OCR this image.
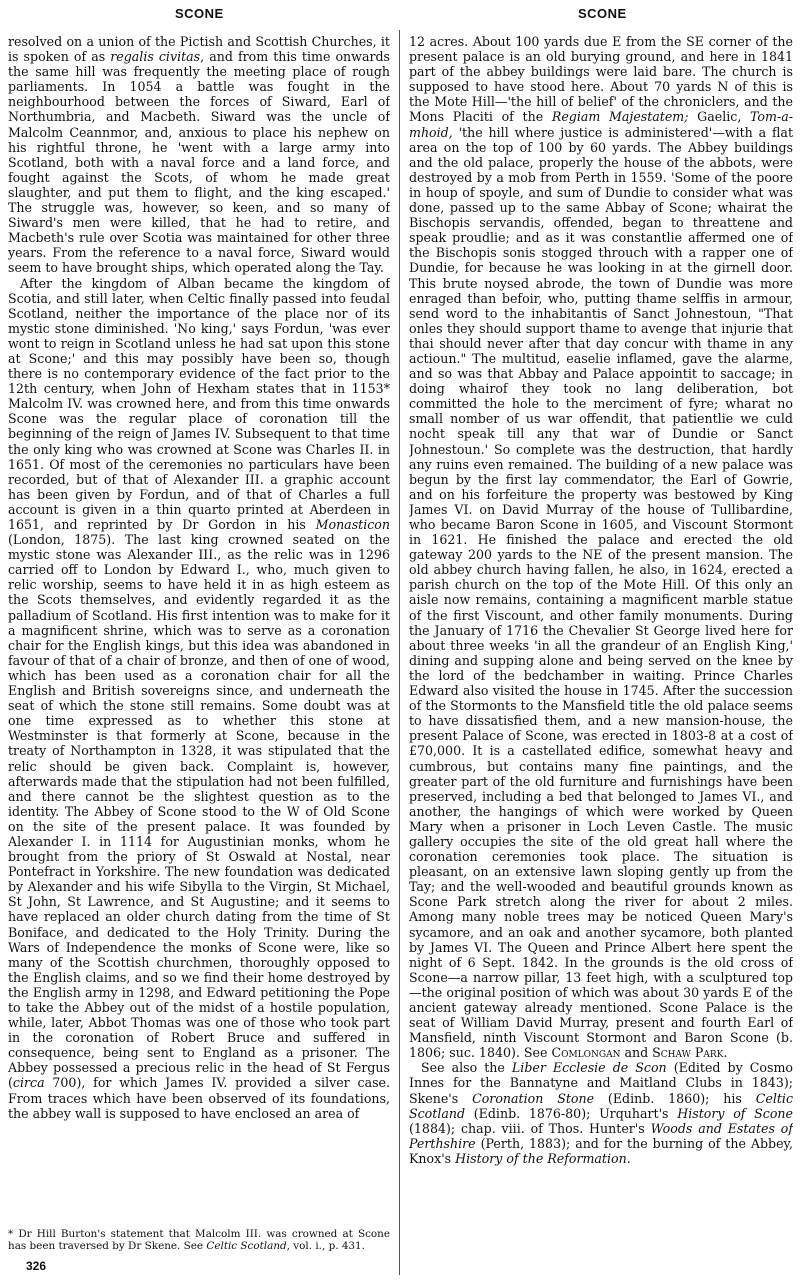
SCONE	SCONE

resolved on a union of the Pictish and Scottish Churches, it is spoken of as regalis civitas, and from this time onwards the same hill was frequently the meeting place of rough parliaments. In 1054 a battle was fought in the neighbourhood between the forces of Siward, Earl of Northumbria, and Macbeth. Siward was the uncle of Malcolm Ceannmor, and, anxious to place his nephew on his rightful throne, he 'went with a large army into Scotland, both with a naval force and a land force, and fought against the Scots, of whom he made great slaughter, and put them to flight, and the king escaped.' The struggle was, however, so keen, and so many of Siward's men were killed, that he had to retire, and Macbeth's rule over Scotia was maintained for other three years. From the reference to a naval force, Siward would seem to have brought ships, which operated along the Tay.

After the kingdom of Alban became the kingdom of Scotia, and still later, when Celtic finally passed into feudal Scotland, neither the importance of the place nor of its mystic stone diminished. 'No king,' says Fordun, 'was ever wont to reign in Scotland unless he had sat upon this stone at Scone;' and this may possibly have been so, though there is no contemporary evidence of the fact prior to the 12th century, when John of Hexham states that in 1153* Malcolm IV. was crowned here, and from this time onwards Scone was the regular place of coronation till the beginning of the reign of James IV. Subsequent to that time the only king who was crowned at Scone was Charles II. in 1651. Of most of the ceremonies no particulars have been recorded, but of that of Alexander III. a graphic account has been given by Fordun, and of that of Charles a full account is given in a thin quarto printed at Aberdeen in 1651, and reprinted by Dr Gordon in his Monasticon (London, 1875). The last king crowned seated on the mystic stone was Alexander III., as the relic was in 1296 carried off to London by Edward I., who, much given to relic worship, seems to have held it in as high esteem as the Scots themselves, and evidently regarded it as the palladium of Scotland. His first intention was to make for it a magnificent shrine, which was to serve as a coronation chair for the English kings, but this idea was abandoned in favour of that of a chair of bronze, and then of one of wood, which has been used as a coronation chair for all the English and British sovereigns since, and underneath the seat of which the stone still remains. Some doubt was at one time expressed as to whether this stone at Westminster is that formerly at Scone, because in the treaty of Northampton in 1328, it was stipulated that the relic should be given back. Complaint is, however, afterwards made that the stipulation had not been fulfilled, and there cannot be the slightest question as to the identity. The Abbey of Scone stood to the W of Old Scone on the site of the present palace. It was founded by Alexander I. in 1114 for Augustinian monks, whom he brought from the priory of St Oswald at Nostal, near Pontefract in Yorkshire. The new foundation was dedicated by Alexander and his wife Sibylla to the Virgin, St Michael, St John, St Lawrence, and St Augustine; and it seems to have replaced an older church dating from the time of St Boniface, and dedicated to the Holy Trinity. During the Wars of Independence the monks of Scone were, like so many of the Scottish churchmen, thoroughly opposed to the English claims, and so we find their home destroyed by the English army in 1298, and Edward petitioning the Pope to take the Abbey out of the midst of a hostile population, while, later, Abbot Thomas was one of those who took part in the coronation of Robert Bruce and suffered in consequence, being sent to England as a prisoner. The Abbey possessed a precious relic in the head of St Fergus (circa 700), for which James IV. provided a silver case. From traces which have been observed of its foundations, the abbey wall is supposed to have enclosed an area of

* Dr Hill Burton's statement that Malcolm III. was crowned at Scone has been traversed by Dr Skene. See Celtic Scotland, vol. i., p. 431.
326

12 acres. About 100 yards due E from the SE corner of the present palace is an old burying ground, and here in 1841 part of the abbey buildings were laid bare. The church is supposed to have stood here. About 70 yards N of this is the Mote Hill—'the hill of belief' of the chroniclers, and the Mons Placiti of the Regiam Majestatem; Gaelic, Tom-a-mhoid, 'the hill where justice is administered'—with a flat area on the top of 100 by 60 yards. The Abbey buildings and the old palace, properly the house of the abbots, were destroyed by a mob from Perth in 1559. 'Some of the poore in houp of spoyle, and sum of Dundie to consider what was done, passed up to the same Abbay of Scone; whairat the Bischopis servandis, offended, began to threattene and speak proudlie; and as it was constantlie affermed one of the Bischopis sonis stogged throuch with a rapper one of Dundie, for because he was looking in at the girnell door. This brute noysed abrode, the town of Dundie was more enraged than befoir, who, putting thame selffis in armour, send word to the inhabitantis of Sanct Johnestoun, "That onles they should support thame to avenge that injurie that thai should never after that day concur with thame in any actioun." The multitud, easelie inflamed, gave the alarme, and so was that Abbay and Palace appointit to saccage; in doing whairof they took no lang deliberation, bot committed the hole to the merciment of fyre; wharat no small nomber of us war offendit, that patientlie we culd nocht speak till any that war of Dundie or Sanct Johnestoun.' So complete was the destruction, that hardly any ruins even remained. The building of a new palace was begun by the first lay commendator, the Earl of Gowrie, and on his forfeiture the property was bestowed by King James VI. on David Murray of the house of Tullibardine, who became Baron Scone in 1605, and Viscount Stormont in 1621. He finished the palace and erected the old gateway 200 yards to the NE of the present mansion. The old abbey church having fallen, he also, in 1624, erected a parish church on the top of the Mote Hill. Of this only an aisle now remains, containing a magnificent marble statue of the first Viscount, and other family monuments. During the January of 1716 the Chevalier St George lived here for about three weeks 'in all the grandeur of an English King,' dining and supping alone and being served on the knee by the lord of the bedchamber in waiting. Prince Charles Edward also visited the house in 1745. After the succession of the Stormonts to the Mansfield title the old palace seems to have dissatisfied them, and a new mansion-house, the present Palace of Scone, was erected in 1803-8 at a cost of £70,000. It is a castellated edifice, somewhat heavy and cumbrous, but contains many fine paintings, and the greater part of the old furniture and furnishings have been preserved, including a bed that belonged to James VI., and another, the hangings of which were worked by Queen Mary when a prisoner in Loch Leven Castle. The music gallery occupies the site of the old great hall where the coronation ceremonies took place. The situation is pleasant, on an extensive lawn sloping gently up from the Tay; and the well-wooded and beautiful grounds known as Scone Park stretch along the river for about 2 miles. Among many noble trees may be noticed Queen Mary's sycamore, and an oak and another sycamore, both planted by James VI. The Queen and Prince Albert here spent the night of 6 Sept. 1842. In the grounds is the old cross of Scone—a narrow pillar, 13 feet high, with a sculptured top—the original position of which was about 30 yards E of the ancient gateway already mentioned. Scone Palace is the seat of William David Murray, present and fourth Earl of Mansfield, ninth Viscount Stormont and Baron Scone (b. 1806; suc. 1840). See Comlongan and Schaw Park.

See also the Liber Ecclesie de Scon (Edited by Cosmo Innes for the Bannatyne and Maitland Clubs in 1843); Skene's Coronation Stone (Edinb. 1860); his Celtic Scotland (Edinb. 1876-80); Urquhart's History of Scone (1884); chap. viii. of Thos. Hunter's Woods and Estates of Perthshire (Perth, 1883); and for the burning of the Abbey, Knox's History of the Reformation.
